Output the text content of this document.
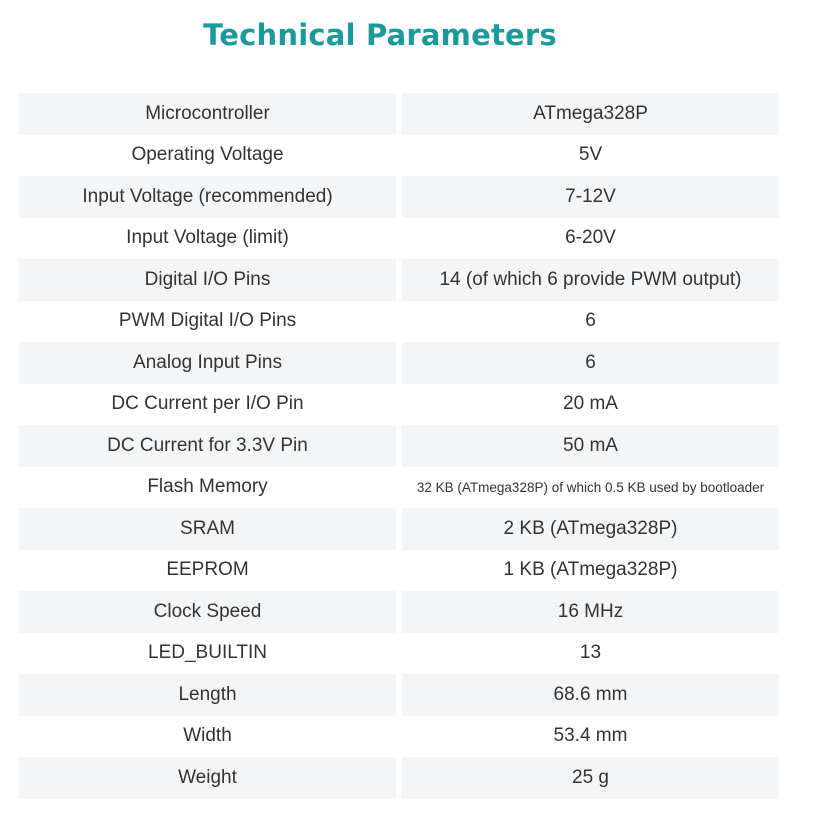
Technical Parameters
Microcontroller	ATmega328P
Operating Voltage	5V
Input Voltage (recommended)	7-12V
Input Voltage (limit)	6-20V
Digital I/O Pins	14 (of which 6 provide PWM output)
PWM Digital I/O Pins	6
Analog Input Pins	6
DC Current per I/O Pin	20 mA
DC Current for 3.3V Pin	50 mA
Flash Memory	32 KB (ATmega328P) of which 0.5 KB used by bootloader
SRAM	2 KB (ATmega328P)
EEPROM	1 KB (ATmega328P)
Clock Speed	16 MHz
LED_BUILTIN	13
Length	68.6 mm
Width	53.4 mm
Weight	25 g
